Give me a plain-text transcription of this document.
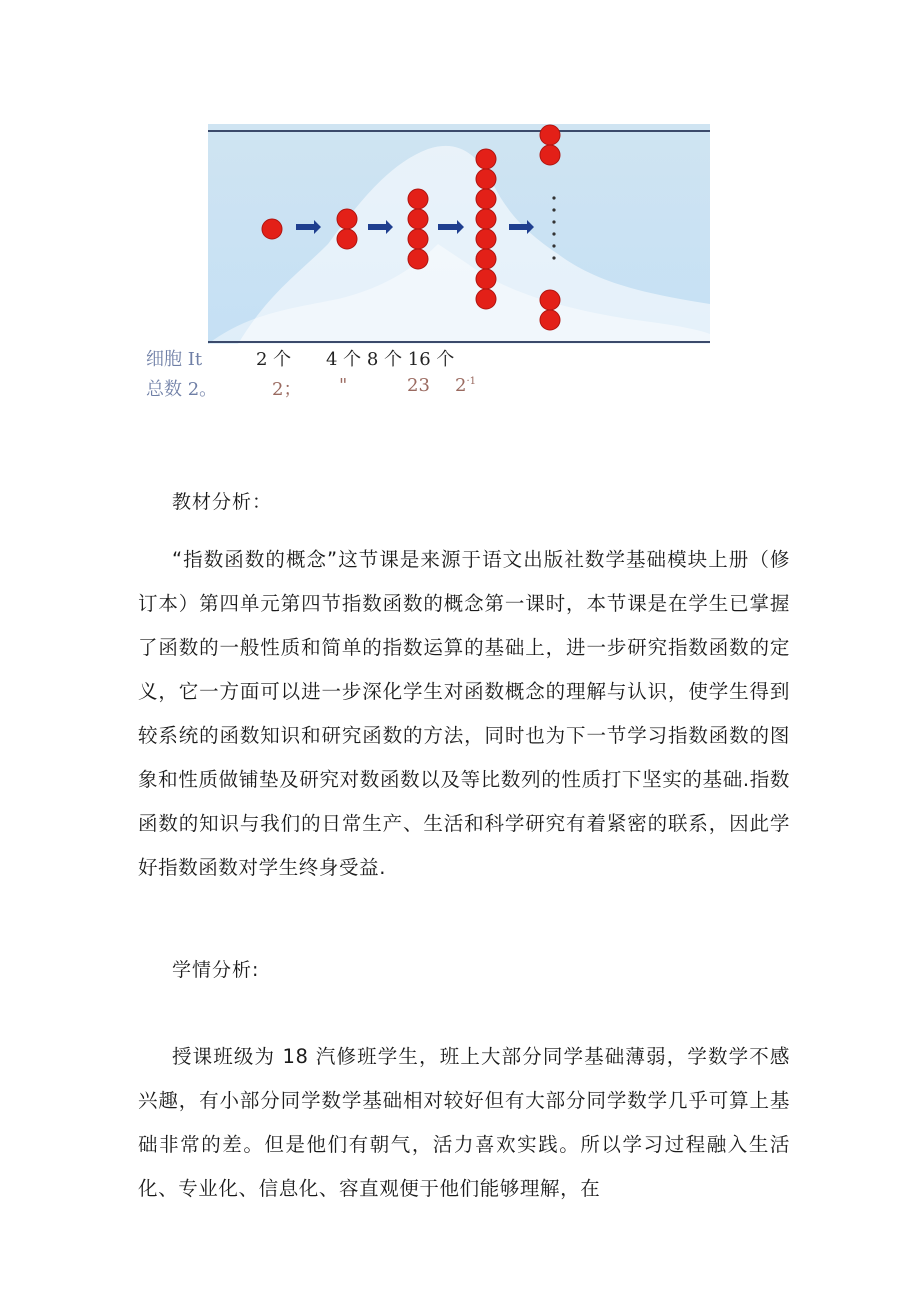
细胞 It	2 个 4 个 8 个 16 个
总数 2。	2； "	23 $2^{\cdot 1}$
教材分析：

“指数函数的概念”这节课是来源于语文出版社数学基础模块上册（修订本）第四单元第四节指数函数的概念第一课时，本节课是在学生已掌握了函数的一般性质和简单的指数运算的基础上，进一步研究指数函数的定义，它一方面可以进一步深化学生对函数概念的理解与认识，使学生得到较系统的函数知识和研究函数的方法，同时也为下一节学习指数函数的图象和性质做铺垫及研究对数函数以及等比数列的性质打下坚实的基础.指数函数的知识与我们的日常生产、生活和科学研究有着紧密的联系，因此学好指数函数对学生终身受益.

学情分析:

授课班级为 18 汽修班学生，班上大部分同学基础薄弱，学数学不感兴趣，有小部分同学数学基础相对较好但有大部分同学数学几乎可算上基础非常的差。但是他们有朝气，活力喜欢实践。所以学习过程融入生活化、专业化、信息化、容直观便于他们能够理解，在
